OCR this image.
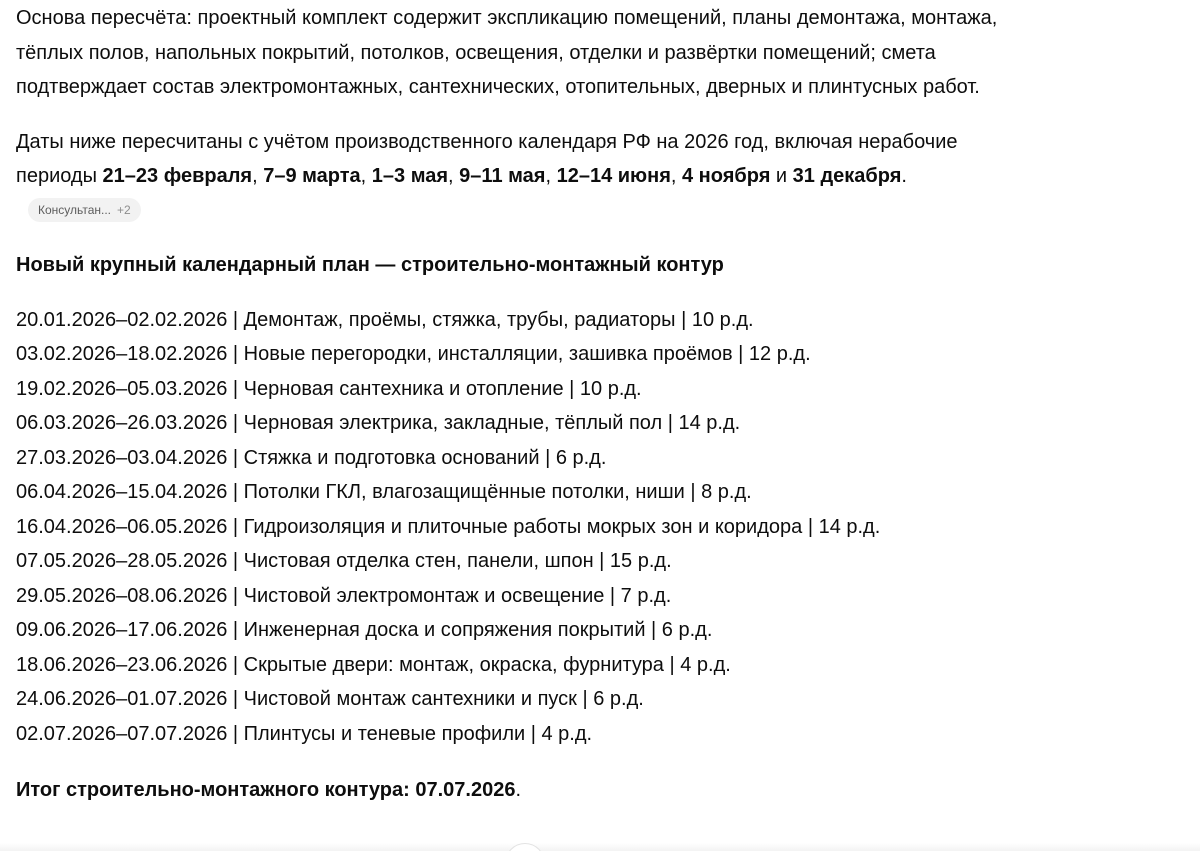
Основа пересчёта: проектный комплект содержит экспликацию помещений, планы демонтажа, монтажа, тёплых полов, напольных покрытий, потолков, освещения, отделки и развёртки помещений; смета подтверждает состав электромонтажных, сантехнических, отопительных, дверных и плинтусных работ.

Даты ниже пересчитаны с учётом производственного календаря РФ на 2026 год, включая нерабочие периоды 21–23 февраля, 7–9 марта, 1–3 мая, 9–11 мая, 12–14 июня, 4 ноября и 31 декабря.
Консультан... +2

Новый крупный календарный план — строительно-монтажный контур

20.01.2026–02.02.2026 | Демонтаж, проёмы, стяжка, трубы, радиаторы | 10 р.д.
03.02.2026–18.02.2026 | Новые перегородки, инсталляции, зашивка проёмов | 12 р.д.
19.02.2026–05.03.2026 | Черновая сантехника и отопление | 10 р.д.
06.03.2026–26.03.2026 | Черновая электрика, закладные, тёплый пол | 14 р.д.
27.03.2026–03.04.2026 | Стяжка и подготовка оснований | 6 р.д.
06.04.2026–15.04.2026 | Потолки ГКЛ, влагозащищённые потолки, ниши | 8 р.д.
16.04.2026–06.05.2026 | Гидроизоляция и плиточные работы мокрых зон и коридора | 14 р.д.
07.05.2026–28.05.2026 | Чистовая отделка стен, панели, шпон | 15 р.д.
29.05.2026–08.06.2026 | Чистовой электромонтаж и освещение | 7 р.д.
09.06.2026–17.06.2026 | Инженерная доска и сопряжения покрытий | 6 р.д.
18.06.2026–23.06.2026 | Скрытые двери: монтаж, окраска, фурнитура | 4 р.д.
24.06.2026–01.07.2026 | Чистовой монтаж сантехники и пуск | 6 р.д.
02.07.2026–07.07.2026 | Плинтусы и теневые профили | 4 р.д.

Итог строительно-монтажного контура: 07.07.2026.
